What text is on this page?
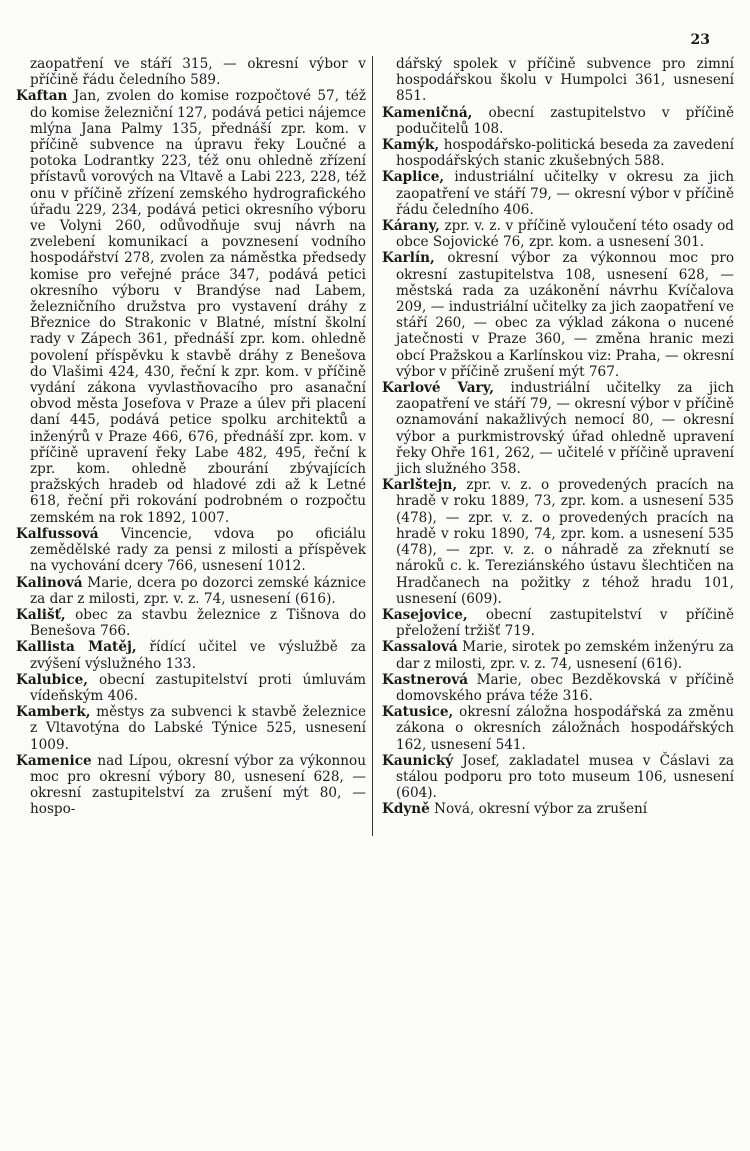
23

zaopatření ve stáří 315, — okresní výbor v příčině řádu čeledního 589.

Kaftan Jan, zvolen do komise rozpočtové 57, též do komise železniční 127, podává petici nájemce mlýna Jana Palmy 135, přednáší zpr. kom. v příčině subvence na úpravu řeky Loučné a potoka Lodrantky 223, též onu ohledně zřízení přístavů vorových na Vltavě a Labi 223, 228, též onu v příčině zřízení zemského hydrografického úřadu 229, 234, podává petici okresního výboru ve Volyni 260, odůvodňuje svuj návrh na zvelebení komunikací a povznesení vodního hospodářství 278, zvolen za náměstka předsedy komise pro veřejné práce 347, podává petici okresního výboru v Brandýse nad Labem, železničního družstva pro vystavení dráhy z Březnice do Strakonic v Blatné, místní školní rady v Zápech 361, přednáší zpr. kom. ohledně povolení příspěvku k stavbě dráhy z Benešova do Vlašimi 424, 430, řeční k zpr. kom. v příčině vydání zákona vyvlastňovacího pro asanační obvod města Josefova v Praze a úlev při placení daní 445, podává petice spolku architektů a inženýrů v Praze 466, 676, přednáší zpr. kom. v příčině upravení řeky Labe 482, 495, řeční k zpr. kom. ohledně zbourání zbývajících pražských hradeb od hladové zdi až k Letné 618, řeční při rokování podrobném o rozpočtu zemském na rok 1892, 1007.

Kalfussová Vincencie, vdova po oficiálu zemědělské rady za pensi z milosti a příspěvek na vychování dcery 766, usnesení 1012.

Kalinová Marie, dcera po dozorci zemské káznice za dar z milosti, zpr. v. z. 74, usnesení (616).

Kališť, obec za stavbu železnice z Tišnova do Benešova 766.

Kallista Matěj, řídící učitel ve výslužbě za zvýšení výslužného 133.

Kalubice, obecní zastupitelství proti úmluvám vídeňským 406.

Kamberk, městys za subvenci k stavbě železnice z Vltavotýna do Labské Týnice 525, usnesení 1009.

Kamenice nad Lípou, okresní výbor za výkonnou moc pro okresní výbory 80, usnesení 628, — okresní zastupitelství za zrušení mýt 80, — hospo-

dářský spolek v příčině subvence pro zimní hospodářskou školu v Humpolci 361, usnesení 851.

Kameničná, obecní zastupitelstvo v příčině podučitelů 108.

Kamýk, hospodářsko-politická beseda za zavedení hospodářských stanic zkušebných 588.

Kaplice, industriální učitelky v okresu za jich zaopatření ve stáří 79, — okresní výbor v příčině řádu čeledního 406.

Kárany, zpr. v. z. v příčině vyloučení této osady od obce Sojovické 76, zpr. kom. a usnesení 301.

Karlín, okresní výbor za výkonnou moc pro okresní zastupitelstva 108, usnesení 628, — městská rada za uzákonění návrhu Kvíčalova 209, — industriální učitelky za jich zaopatření ve stáří 260, — obec za výklad zákona o nucené jatečnosti v Praze 360, — změna hranic mezi obcí Pražskou a Karlínskou viz: Praha, — okresní výbor v příčině zrušení mýt 767.

Karlové Vary, industriální učitelky za jich zaopatření ve stáří 79, — okresní výbor v příčině oznamování nakažlivých nemocí 80, — okresní výbor a purkmistrovský úřad ohledně upravení řeky Ohře 161, 262, — učitelé v příčině upravení jich služného 358.

Karlštejn, zpr. v. z. o provedených pracích na hradě v roku 1889, 73, zpr. kom. a usnesení 535 (478), — zpr. v. z. o provedených pracích na hradě v roku 1890, 74, zpr. kom. a usnesení 535 (478), — zpr. v. z. o náhradě za zřeknutí se nároků c. k. Tereziánského ústavu šlechtičen na Hradčanech na požitky z téhož hradu 101, usnesení (609).

Kasejovice, obecní zastupitelství v příčině přeložení tržišť 719.

Kassalová Marie, sirotek po zemském inženýru za dar z milosti, zpr. v. z. 74, usnesení (616).

Kastnerová Marie, obec Bezděkovská v příčině domovského práva téže 316.

Katusice, okresní záložna hospodářská za změnu zákona o okresních záložnách hospodářských 162, usnesení 541.

Kaunický Josef, zakladatel musea v Čáslavi za stálou podporu pro toto museum 106, usnesení (604).

Kdyně Nová, okresní výbor za zrušení
